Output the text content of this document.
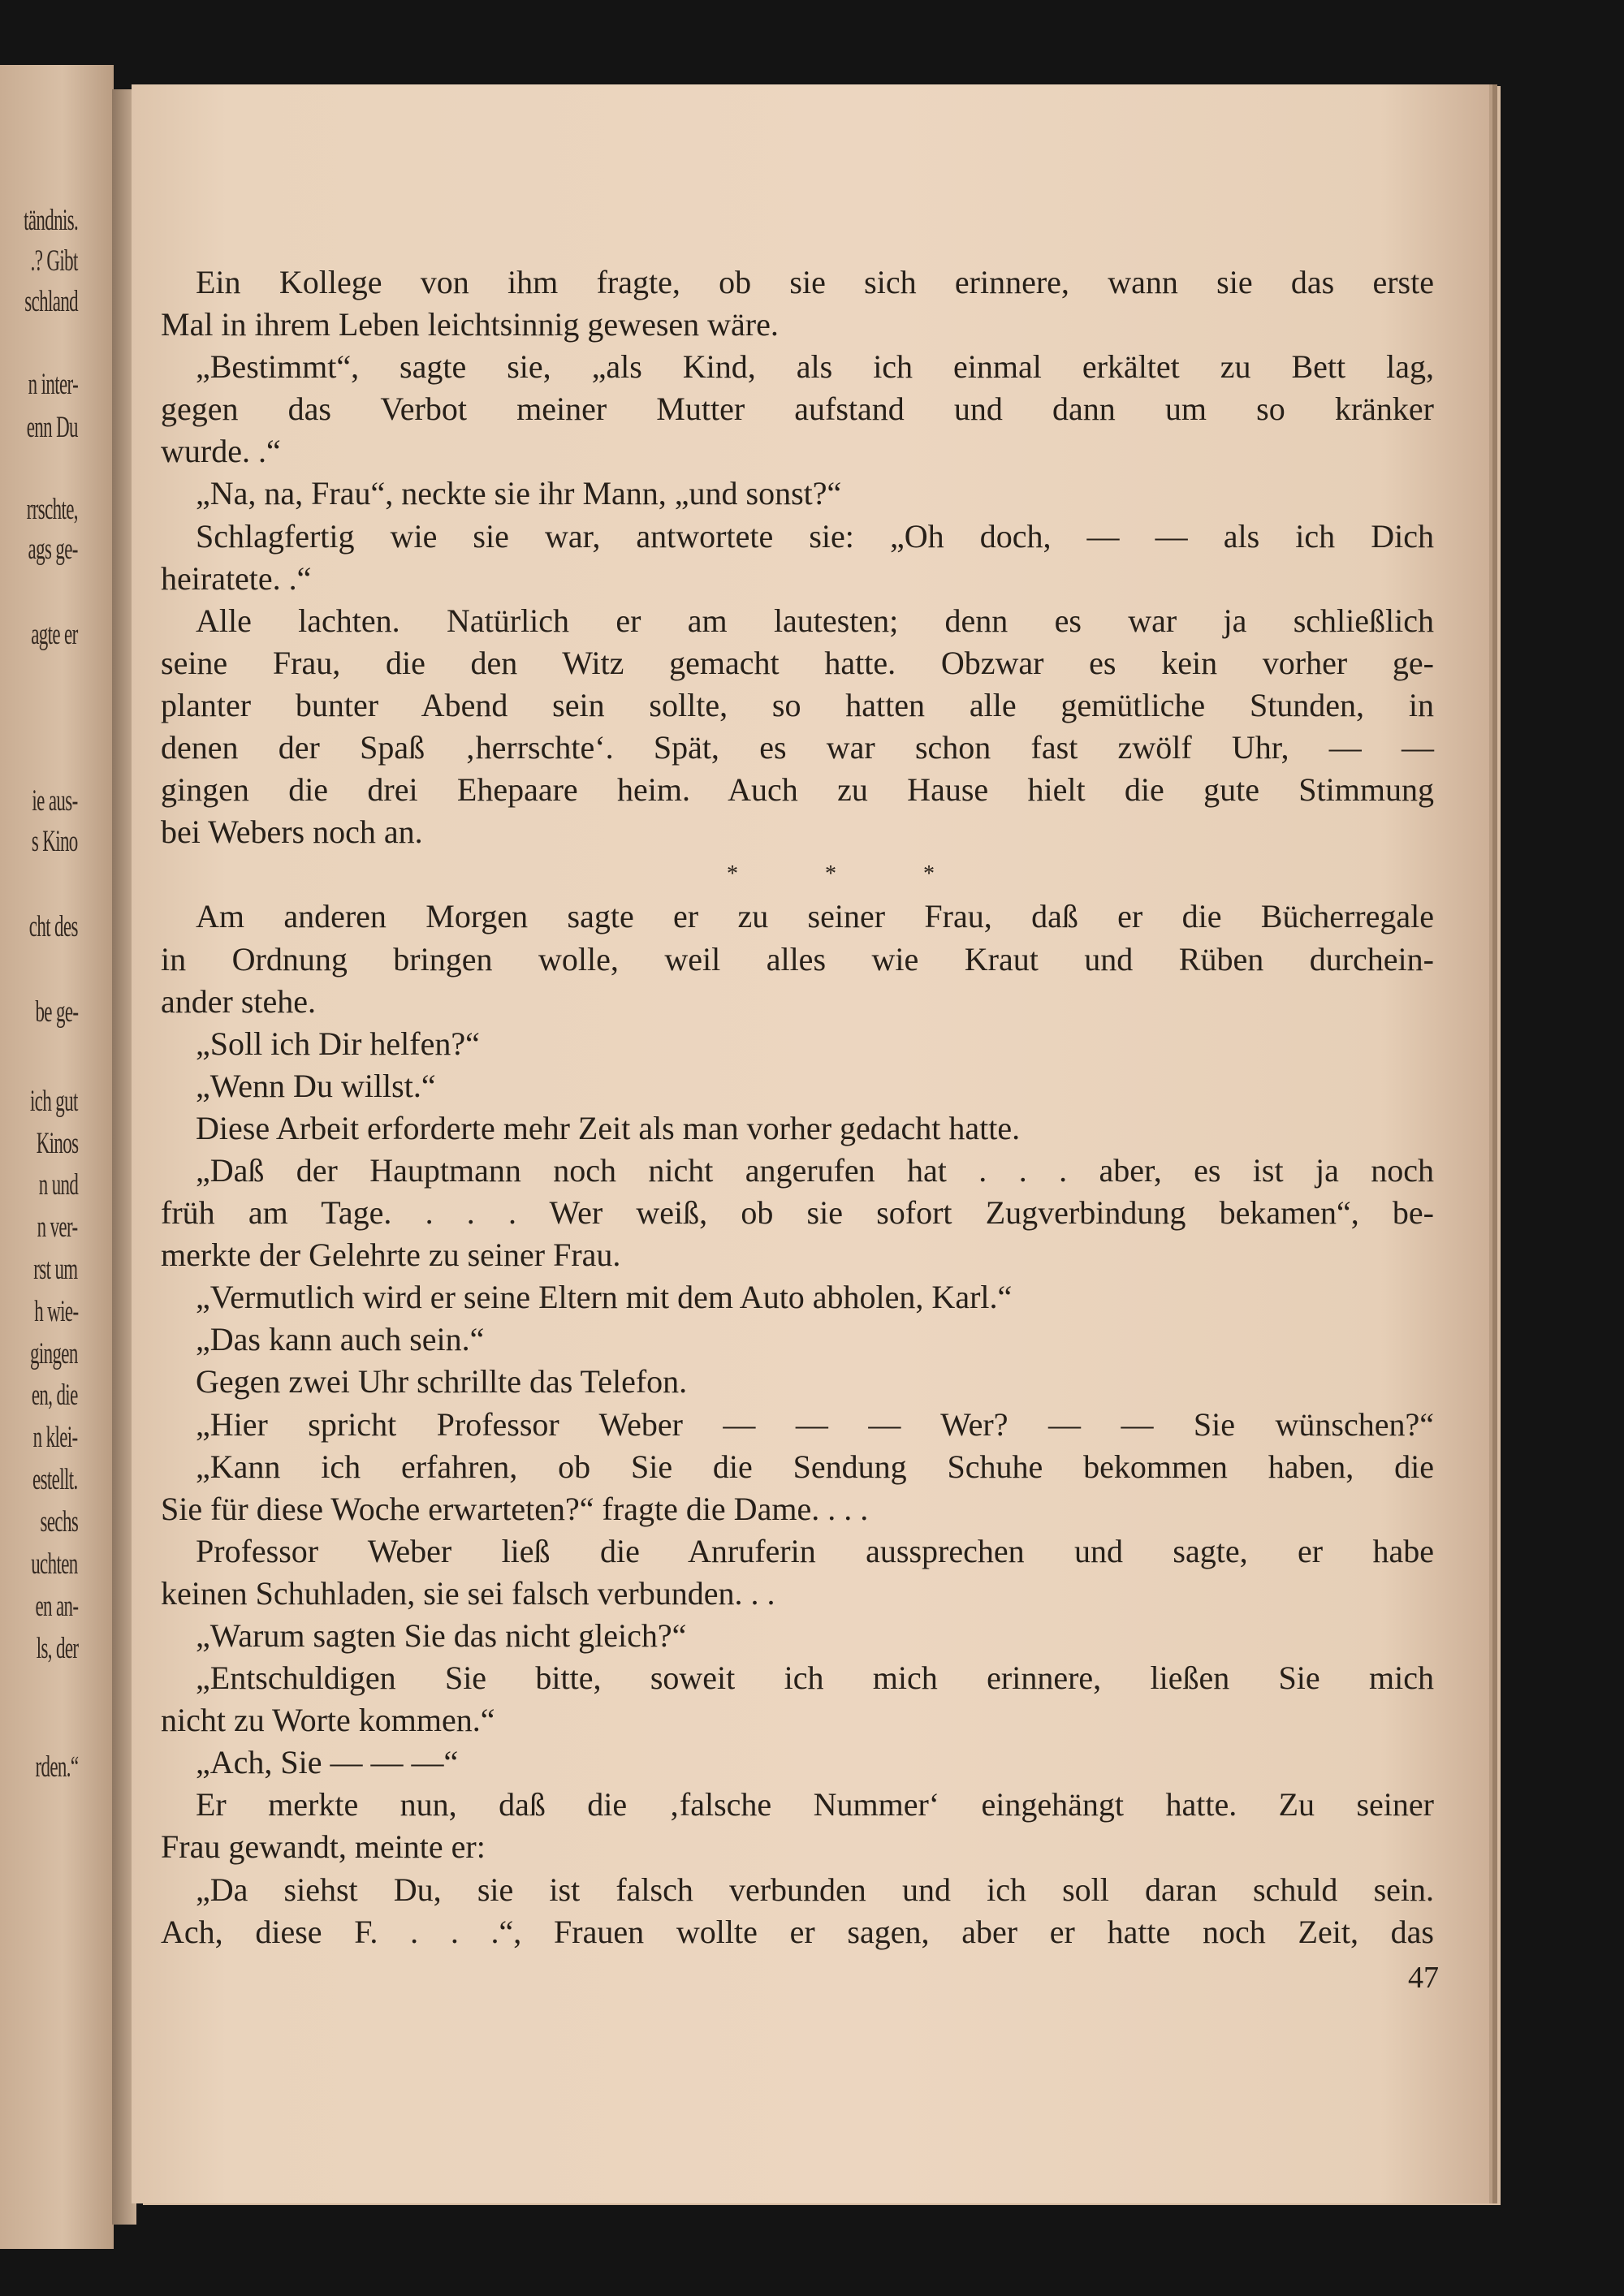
tändnis.
.? Gibt
schland
n inter-
enn Du
rrschte,
ags ge-
agte er
ie aus-
s Kino
cht des
be ge-
ich gut
Kinos
n und
n ver-
rst um
h wie-
gingen
en, die
n klei-
estellt.
sechs
uchten
en an-
ls, der
rden.“
Ein Kollege von ihm fragte, ob sie sich erinnere, wann sie das erste
Mal in ihrem Leben leichtsinnig gewesen wäre.
„Bestimmt“, sagte sie, „als Kind, als ich einmal erkältet zu Bett lag,
gegen das Verbot meiner Mutter aufstand und dann um so kränker
wurde. .“
„Na, na, Frau“, neckte sie ihr Mann, „und sonst?“
Schlagfertig wie sie war, antwortete sie: „Oh doch, — — als ich Dich
heiratete. .“
Alle lachten. Natürlich er am lautesten; denn es war ja schließlich
seine Frau, die den Witz gemacht hatte. Obzwar es kein vorher ge-
planter bunter Abend sein sollte, so hatten alle gemütliche Stunden, in
denen der Spaß ‚herrschte‘. Spät, es war schon fast zwölf Uhr, — —
gingen die drei Ehepaare heim. Auch zu Hause hielt die gute Stimmung
bei Webers noch an.
* * *
Am anderen Morgen sagte er zu seiner Frau, daß er die Bücherregale
in Ordnung bringen wolle, weil alles wie Kraut und Rüben durchein-
ander stehe.
„Soll ich Dir helfen?“
„Wenn Du willst.“
Diese Arbeit erforderte mehr Zeit als man vorher gedacht hatte.
„Daß der Hauptmann noch nicht angerufen hat . . . aber, es ist ja noch
früh am Tage. . . . Wer weiß, ob sie sofort Zugverbindung bekamen“, be-
merkte der Gelehrte zu seiner Frau.
„Vermutlich wird er seine Eltern mit dem Auto abholen, Karl.“
„Das kann auch sein.“
Gegen zwei Uhr schrillte das Telefon.
„Hier spricht Professor Weber — — — Wer? — — Sie wünschen?“
„Kann ich erfahren, ob Sie die Sendung Schuhe bekommen haben, die
Sie für diese Woche erwarteten?“ fragte die Dame. . . .
Professor Weber ließ die Anruferin aussprechen und sagte, er habe
keinen Schuhladen, sie sei falsch verbunden. . .
„Warum sagten Sie das nicht gleich?“
„Entschuldigen Sie bitte, soweit ich mich erinnere, ließen Sie mich
nicht zu Worte kommen.“
„Ach, Sie — — —“
Er merkte nun, daß die ‚falsche Nummer‘ eingehängt hatte. Zu seiner
Frau gewandt, meinte er:
„Da siehst Du, sie ist falsch verbunden und ich soll daran schuld sein.
Ach, diese F. . . .“, Frauen wollte er sagen, aber er hatte noch Zeit, das
47
